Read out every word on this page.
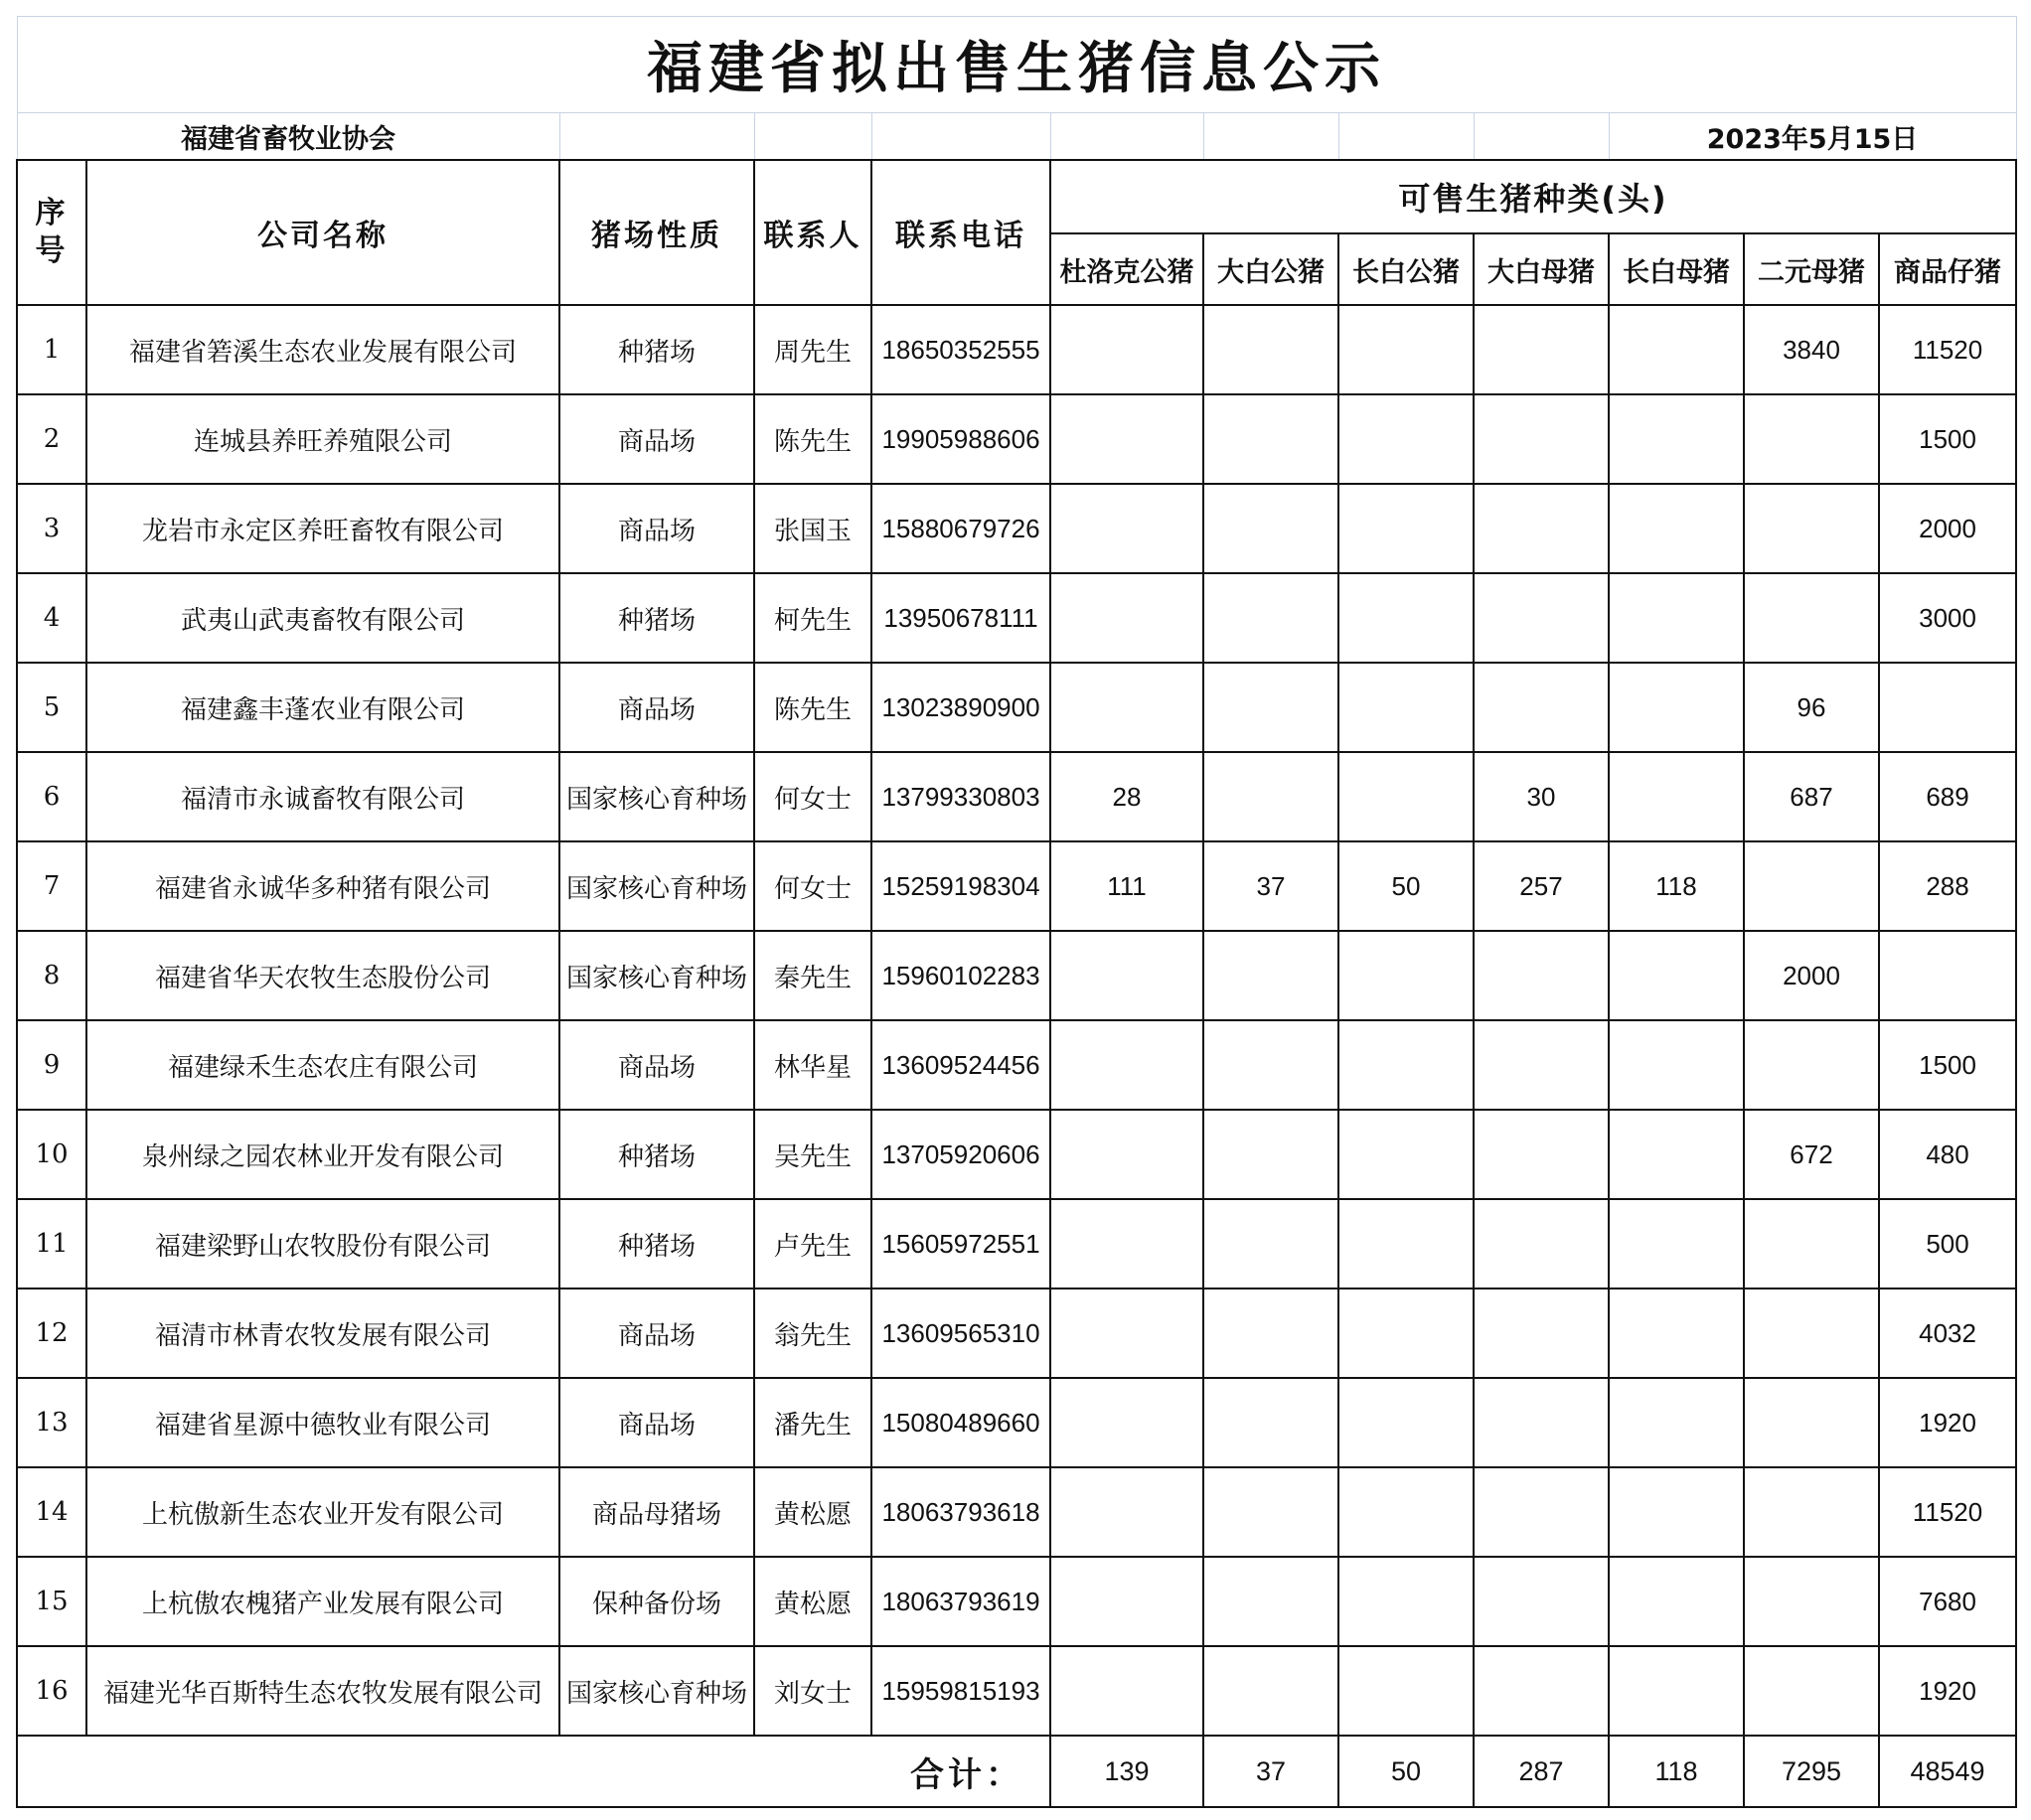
福建省拟出售生猪信息公示											
福建省畜牧业协会									2023年5月15日		
序号	公司名称	猪场性质	联系人	联系电话	可售生猪种类(头)						
					杜洛克公猪	大白公猪	长白公猪	大白母猪	长白母猪	二元母猪	商品仔猪
1	福建省箬溪生态农业发展有限公司	种猪场	周先生	18650352555						3840	11520
2	连城县养旺养殖限公司	商品场	陈先生	19905988606							1500
3	龙岩市永定区养旺畜牧有限公司	商品场	张国玉	15880679726							2000
4	武夷山武夷畜牧有限公司	种猪场	柯先生	13950678111							3000
5	福建鑫丰蓬农业有限公司	商品场	陈先生	13023890900						96	
6	福清市永诚畜牧有限公司	国家核心育种场	何女士	13799330803	28			30		687	689
7	福建省永诚华多种猪有限公司	国家核心育种场	何女士	15259198304	111	37	50	257	118		288
8	福建省华天农牧生态股份公司	国家核心育种场	秦先生	15960102283						2000	
9	福建绿禾生态农庄有限公司	商品场	林华星	13609524456							1500
10	泉州绿之园农林业开发有限公司	种猪场	吴先生	13705920606						672	480
11	福建梁野山农牧股份有限公司	种猪场	卢先生	15605972551							500
12	福清市林青农牧发展有限公司	商品场	翁先生	13609565310							4032
13	福建省星源中德牧业有限公司	商品场	潘先生	15080489660							1920
14	上杭傲新生态农业开发有限公司	商品母猪场	黄松愿	18063793618							11520
15	上杭傲农槐猪产业发展有限公司	保种备份场	黄松愿	18063793619							7680
16	福建光华百斯特生态农牧发展有限公司	国家核心育种场	刘女士	15959815193							1920
合计：					139	37	50	287	118	7295	48549
